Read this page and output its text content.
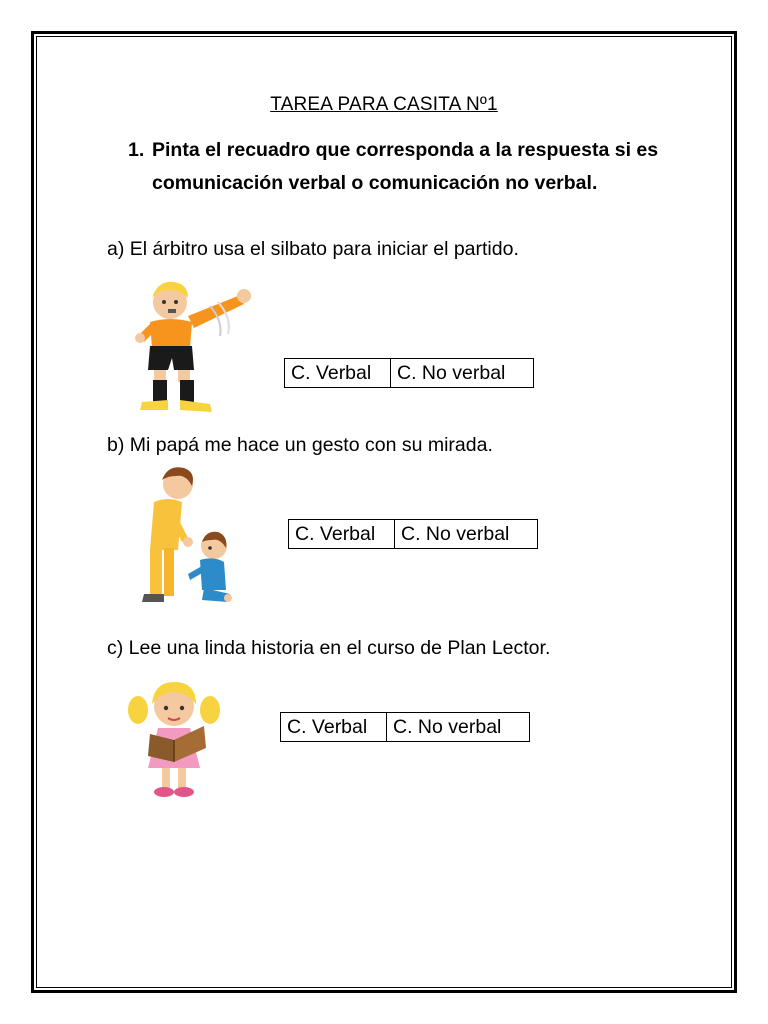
TAREA PARA CASITA Nº1
1. Pinta el recuadro que corresponda a la respuesta si es
comunicación verbal o comunicación no verbal.
a) El árbitro usa el silbato para iniciar el partido.
C. Verbal	C. No verbal
b) Mi papá me hace un gesto con su mirada.
C. Verbal	C. No verbal
c) Lee una linda historia en el curso de Plan Lector.
C. Verbal	C. No verbal
